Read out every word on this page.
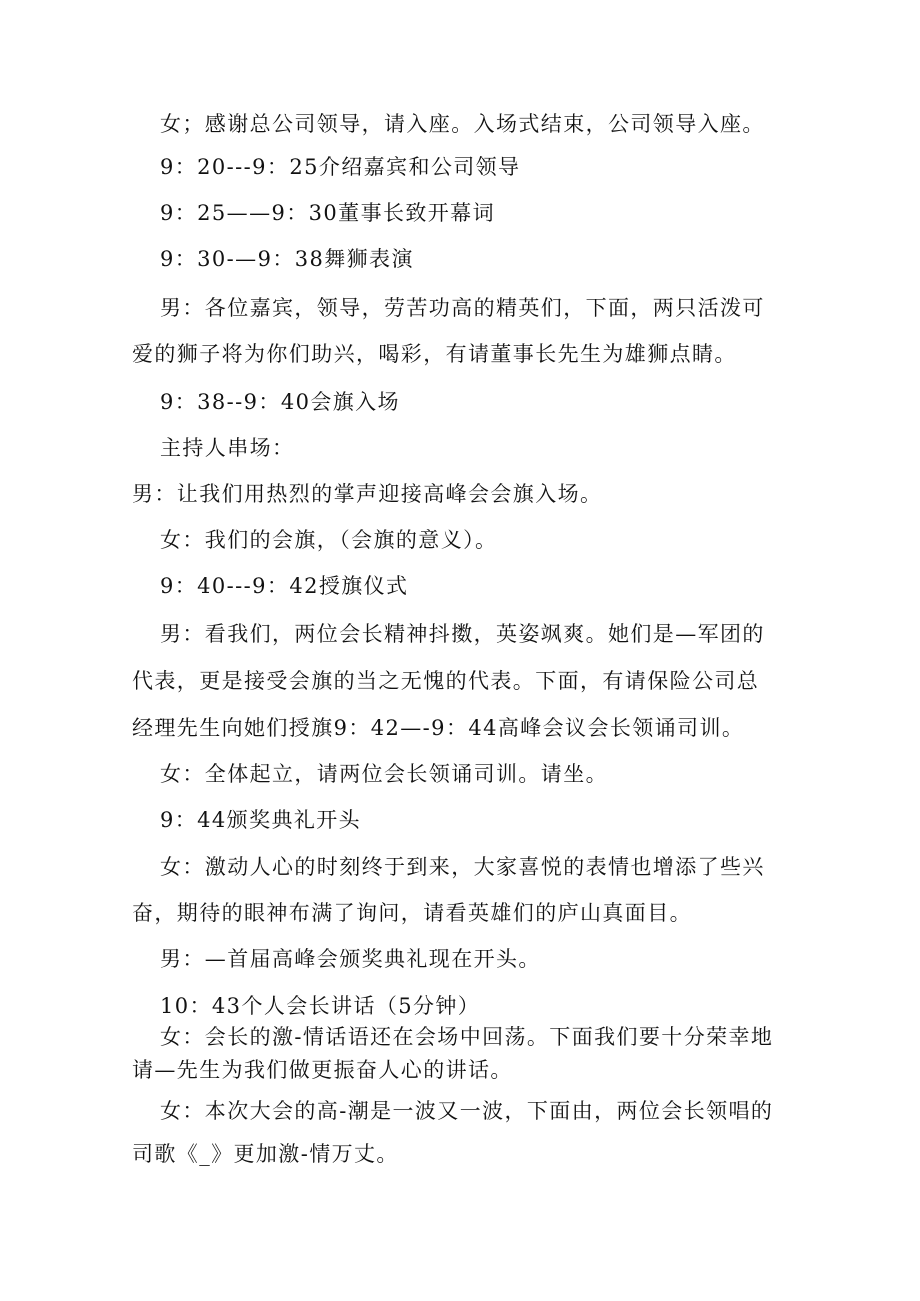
女；感谢总公司领导，请入座。入场式结束，公司领导入座。
9：20---9：25介绍嘉宾和公司领导
9：25——9：30董事长致开幕词
9：30-—9：38舞狮表演
男：各位嘉宾，领导，劳苦功高的精英们，下面，两只活泼可
爱的狮子将为你们助兴，喝彩，有请董事长先生为雄狮点睛。
9：38--9：40会旗入场
主持人串场：
男：让我们用热烈的掌声迎接高峰会会旗入场。
女：我们的会旗，（会旗的意义）。
9：40---9：42授旗仪式
男：看我们，两位会长精神抖擞，英姿飒爽。她们是—军团的
代表，更是接受会旗的当之无愧的代表。下面，有请保险公司总
经理先生向她们授旗9：42—-9：44高峰会议会长领诵司训。
女：全体起立，请两位会长领诵司训。请坐。
9：44颁奖典礼开头
女：激动人心的时刻终于到来，大家喜悦的表情也增添了些兴
奋，期待的眼神布满了询问，请看英雄们的庐山真面目。
男：—首届高峰会颁奖典礼现在开头。
10：43个人会长讲话（5分钟）
女：会长的激-情话语还在会场中回荡。下面我们要十分荣幸地
请—先生为我们做更振奋人心的讲话。
女：本次大会的高-潮是一波又一波，下面由，两位会长领唱的
司歌《_》更加激-情万丈。
